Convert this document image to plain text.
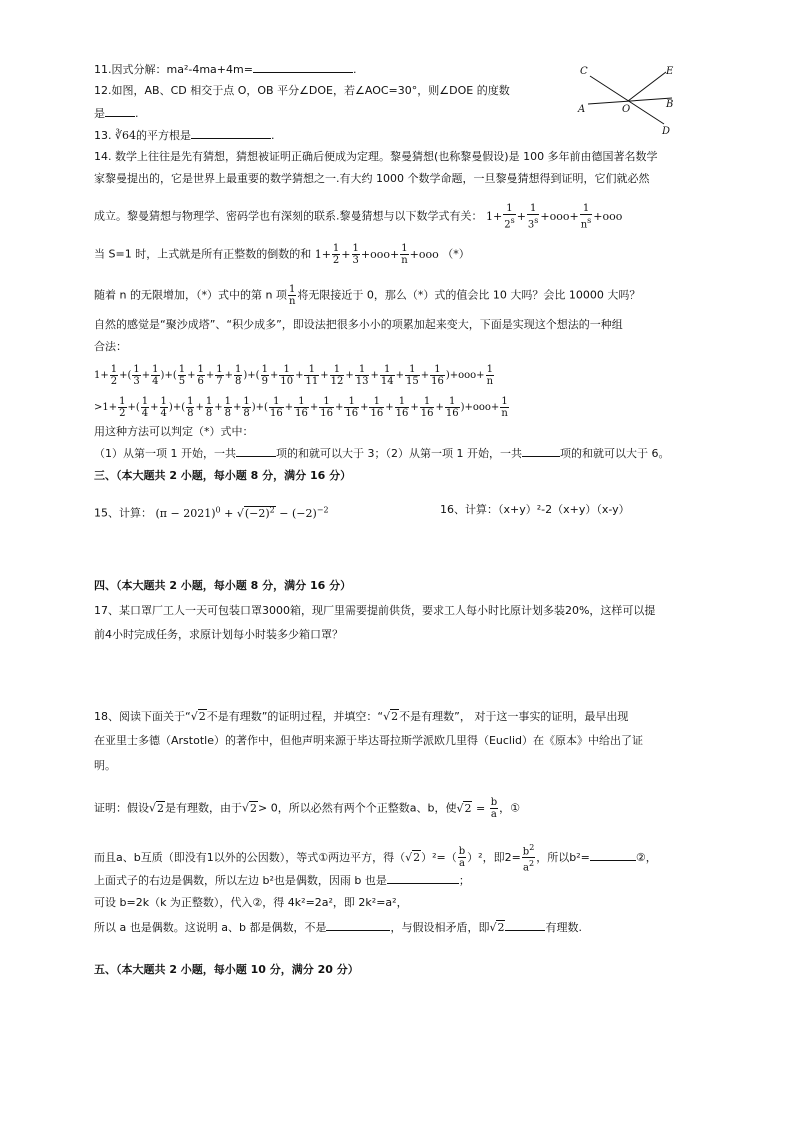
11.因式分解：ma²-4ma+4m=	.
12.如图，AB、CD 相交于点 O，OB 平分∠DOE，若∠AOC=30°，则∠DOE 的度数
是	.
C	E
A	O	B
D
13. ∛64的平方根是	.
14. 数学上往往是先有猜想，猜想被证明正确后便成为定理。黎曼猜想(也称黎曼假设)是 100 多年前由德国著名数学
家黎曼提出的，它是世界上最重要的数学猜想之一.有大约 1000 个数学命题，一旦黎曼猜想得到证明，它们就必然
成立。黎曼猜想与物理学、密码学也有深刻的联系.黎曼猜想与以下数学式有关： $1+ \frac{1}{2^s} + \frac{1}{3^s} +ooo+ \frac{1}{n^s} +ooo$
当 S=1 时，上式就是所有正整数的倒数的和 $1+ \frac{1}{2} + \frac{1}{3} +ooo+ \frac{1}{n} +ooo$ （*）
随着 n 的无限增加，（*）式中的第 n 项 $\frac{1}{n}$ 将无限接近于 0，那么（*）式的值会比 10 大吗？会比 10000 大吗？
自然的感觉是“聚沙成塔”、“积少成多”，即设法把很多小小的项累加起来变大，下面是实现这个想法的一种组
合法：
$1+ \frac{1}{2}$ +( $\frac{1}{3} + \frac{1}{4}$ )+( $\frac{1}{5} + \frac{1}{6} + \frac{1}{7} + \frac{1}{8}$ )+( $\frac{1}{9} + \frac{1}{10} + \frac{1}{11} + \frac{1}{12} + \frac{1}{13} + \frac{1}{14} + \frac{1}{15} + \frac{1}{16} )+ooo+ \frac{1}{n}$
$>1+ \frac{1}{2}$ +( $\frac{1}{4} + \frac{1}{4}$ )+( $\frac{1}{8} + \frac{1}{8} + \frac{1}{8} + \frac{1}{8}$ )+( $\frac{1}{16} + \frac{1}{16} + \frac{1}{16} + \frac{1}{16} + \frac{1}{16} + \frac{1}{16} + \frac{1}{16} + \frac{1}{16} )+ooo+ \frac{1}{n}$
用这种方法可以判定（*）式中：
（1）从第一项 1 开始，一共	项的和就可以大于 3；（2）从第一项 1 开始，一共	项的和就可以大于 6。
三、（本大题共 2 小题，每小题 8 分，满分 16 分）
15、计算： $(\pi - 2021)^0 + √(-2)^2 - (-2)^{-2}$	16、计算：（x+y）²-2（x+y）（x-y）
四、（本大题共 2 小题，每小题 8 分，满分 16 分）
17、某口罩厂工人一天可包装口罩3000箱，现厂里需要提前供货，要求工人每小时比原计划多装20%，这样可以提
前4小时完成任务，求原计划每小时装多少箱口罩？
18、阅读下面关于“√2不是有理数”的证明过程，并填空：“√2不是有理数”， 对于这一事实的证明，最早出现
在亚里士多德（Arstotle）的著作中，但他声明来源于毕达哥拉斯学派欧几里得（Euclid）在《原本》中给出了证
明。
证明：假设√2是有理数，由于√2> 0，所以必然有两个个正整数a、b，使$√2 = \frac{b}{a}$ ，①
而且a、b互质（即没有1以外的公因数），等式①两边平方，得$(√2)^2=( \frac{b}{a} )^2$，即$2= \frac{b^2}{a^2}$ ，所以b²=	②，
上面式子的右边是偶数，所以左边 b²也是偶数，因雨 b 也是	；
可设 b=2k（k 为正整数），代入②，得 4k²=2a²，即 2k²=a²，
所以 a 也是偶数。这说明 a、b 都是偶数，不是	，与假设相矛盾，即√2	有理数.
五、（本大题共 2 小题，每小题 10 分，满分 20 分）
